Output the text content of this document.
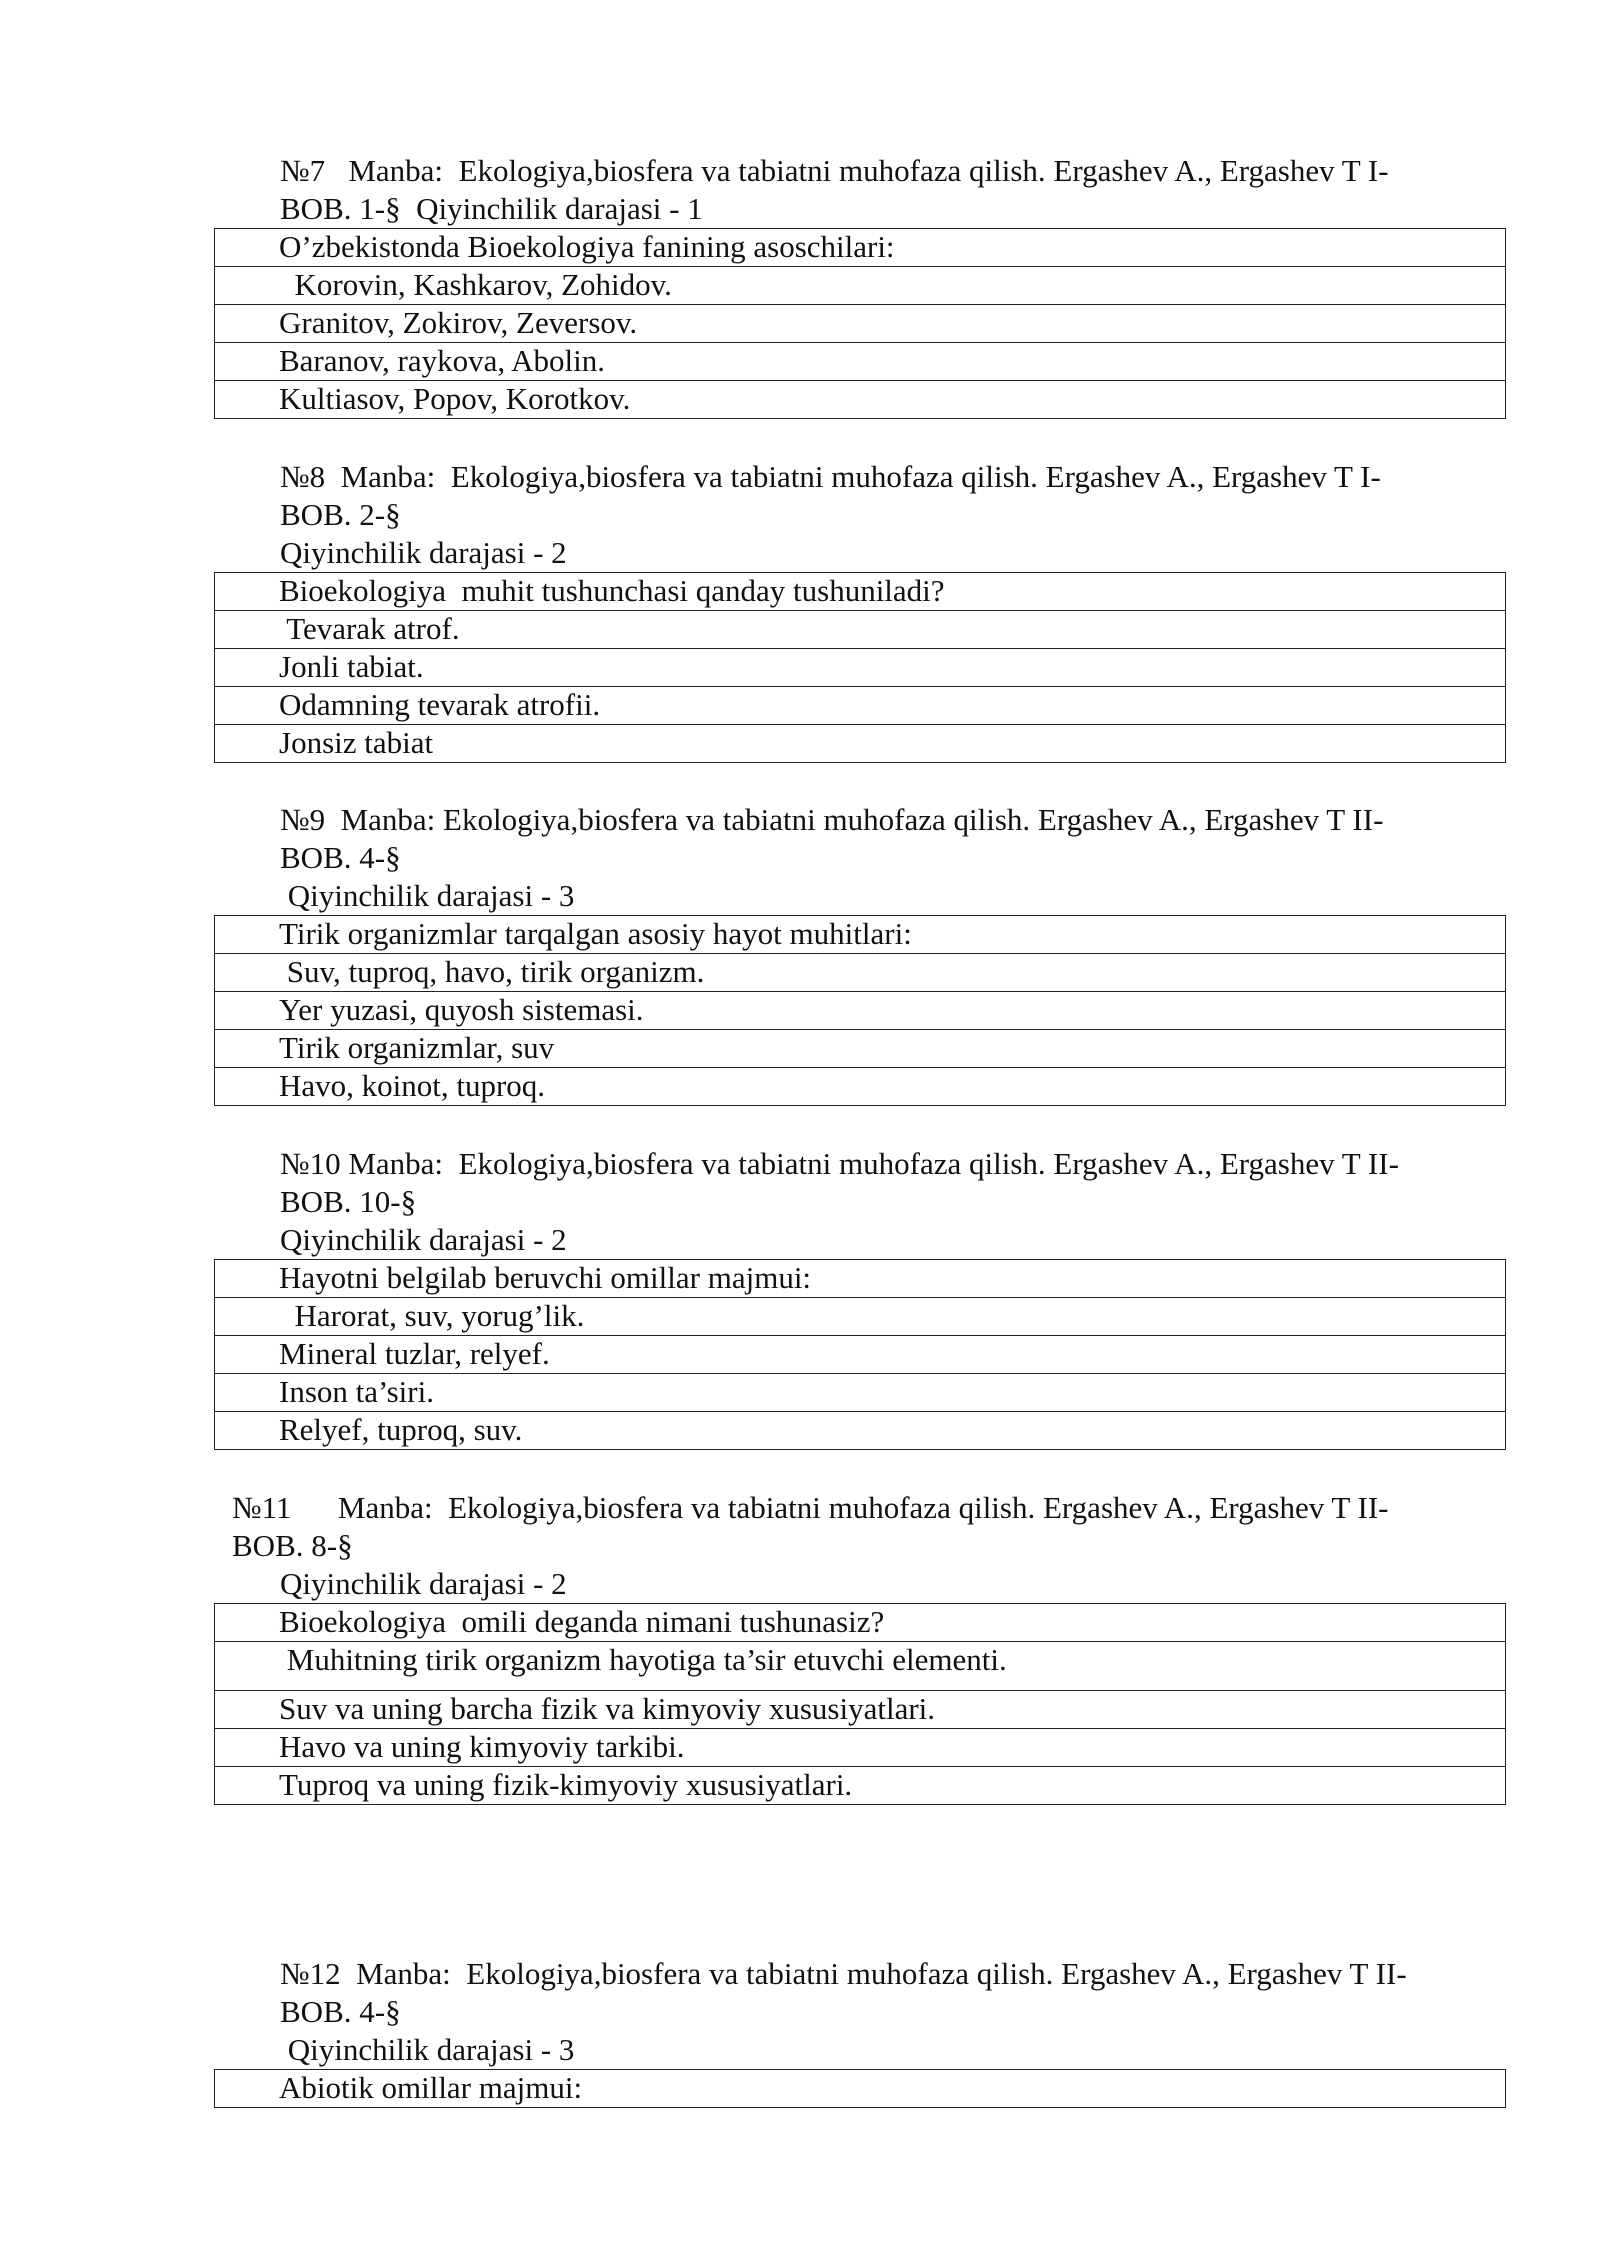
№7   Manba:  Ekologiya,biosfera va tabiatni muhofaza qilish. Ergashev A., Ergashev T I-
BOB. 1-§  Qiyinchilik darajasi - 1
O’zbekistonda Bioekologiya fanining asoschilari:
Korovin, Kashkarov, Zohidov.
Granitov, Zokirov, Zeversov.
Baranov, raykova, Abolin.
Kultiasov, Popov, Korotkov.
№8  Manba:  Ekologiya,biosfera va tabiatni muhofaza qilish. Ergashev A., Ergashev T I-
BOB. 2-§
Qiyinchilik darajasi - 2
Bioekologiya  muhit tushunchasi qanday tushuniladi?
Tevarak atrof.
Jonli tabiat.
Odamning tevarak atrofii.
Jonsiz tabiat
№9  Manba: Ekologiya,biosfera va tabiatni muhofaza qilish. Ergashev A., Ergashev T II-
BOB. 4-§
Qiyinchilik darajasi - 3
Tirik organizmlar tarqalgan asosiy hayot muhitlari:
Suv, tuproq, havo, tirik organizm.
Yer yuzasi, quyosh sistemasi.
Tirik organizmlar, suv
Havo, koinot, tuproq.
№10 Manba:  Ekologiya,biosfera va tabiatni muhofaza qilish. Ergashev A., Ergashev T II-
BOB. 10-§
Qiyinchilik darajasi - 2
Hayotni belgilab beruvchi omillar majmui:
Harorat, suv, yorug’lik.
Mineral tuzlar, relyef.
Inson ta’siri.
Relyef, tuproq, suv.
№11      Manba:  Ekologiya,biosfera va tabiatni muhofaza qilish. Ergashev A., Ergashev T II-
BOB. 8-§
Qiyinchilik darajasi - 2
Bioekologiya  omili deganda nimani tushunasiz?
Muhitning tirik organizm hayotiga ta’sir etuvchi elementi.
Suv va uning barcha fizik va kimyoviy xususiyatlari.
Havo va uning kimyoviy tarkibi.
Tuproq va uning fizik-kimyoviy xususiyatlari.
№12  Manba:  Ekologiya,biosfera va tabiatni muhofaza qilish. Ergashev A., Ergashev T II-
BOB. 4-§
Qiyinchilik darajasi - 3
Abiotik omillar majmui:
